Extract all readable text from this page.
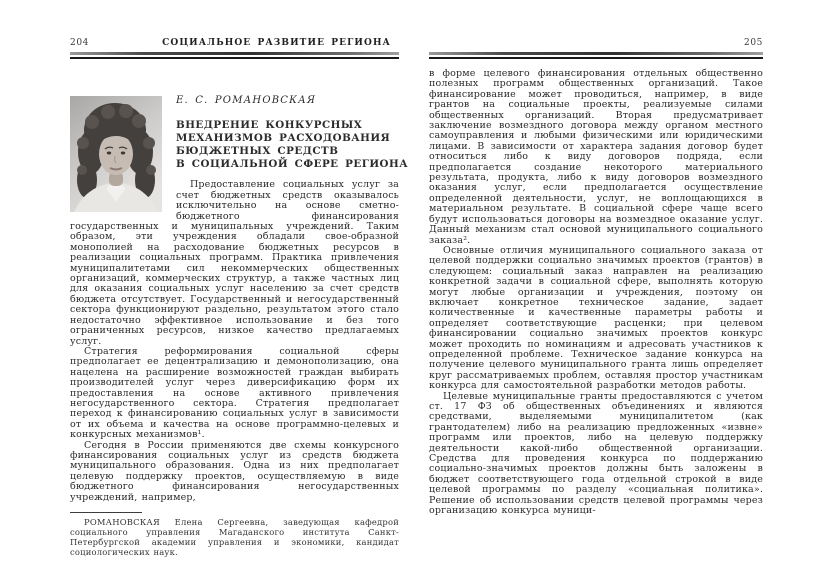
204	СОЦИАЛЬНОЕ РАЗВИТИЕ РЕГИОНА
Е. С. РОМАНОВСКАЯ
ВНЕДРЕНИЕ КОНКУРСНЫХ
МЕХАНИЗМОВ РАСХОДОВАНИЯ
БЮДЖЕТНЫХ СРЕДСТВ
В СОЦИАЛЬНОЙ СФЕРЕ РЕГИОНА

Предоставление социальных услуг за счет бюджетных средств оказывалось исключительно на основе сметно-бюджетного финансирования государственных и муниципальных учреждений. Таким образом, эти учреждения обладали свое-образной монополией на расходование бюджетных ресурсов в реализации социальных программ. Практика привлечения муниципалитетами сил некоммерческих общественных организаций, коммерческих структур, а также частных лиц для оказания социальных услуг населению за счет средств бюджета отсутствует. Государственный и негосударственный сектора функционируют раздельно, результатом этого стало недостаточно эффективное использование и без того ограниченных ресурсов, низкое качество предлагаемых услуг.

Стратегия реформирования социальной сферы предполагает ее децентрализацию и демонополизацию, она нацелена на расширение возможностей граждан выбирать производителей услуг через диверсификацию форм их предоставления на основе активного привлечения негосударственного сектора. Стратегия предполагает переход к финансированию социальных услуг в зависимости от их объема и качества на основе программно-целевых и конкурсных механизмов¹.

Сегодня в России применяются две схемы конкурсного финансирования социальных услуг из средств бюджета муниципального образования. Одна из них предполагает целевую поддержку проектов, осуществляемую в виде бюджетного финансирования негосударственных учреждений, например,

РОМАНОВСКАЯ Елена Сергеевна, заведующая кафедрой социального управления Магаданского института Санкт-Петербургской академии управления и экономики, кандидат социологических наук.

205

в форме целевого финансирования отдельных общественно полезных программ общественных организаций. Такое финансирование может проводиться, например, в виде грантов на социальные проекты, реализуемые силами общественных организаций. Вторая предусматривает заключение возмездного договора между органом местного самоуправления и любыми физическими или юридическими лицами. В зависимости от характера задания договор будет относиться либо к виду договоров подряда, если предполагается создание некоторого материального результата, продукта, либо к виду договоров возмездного оказания услуг, если предполагается осуществление определенной деятельности, услуг, не воплощающихся в материальном результате. В социальной сфере чаще всего будут использоваться договоры на возмездное оказание услуг. Данный механизм стал основой муниципального социального заказа².

Основные отличия муниципального социального заказа от целевой поддержки социально значимых проектов (грантов) в следующем: социальный заказ направлен на реализацию конкретной задачи в социальной сфере, выполнять которую могут любые организации и учреждения, поэтому он включает конкретное техническое задание, задает количественные и качественные параметры работы и определяет соответствующие расценки; при целевом финансировании социально значимых проектов конкурс может проходить по номинациям и адресовать участников к определенной проблеме. Техническое задание конкурса на получение целевого муниципального гранта лишь определяет круг рассматриваемых проблем, оставляя простор участникам конкурса для самостоятельной разработки методов работы.

Целевые муниципальные гранты предоставляются с учетом ст. 17 ФЗ об общественных объединениях и являются средствами, выделяемыми муниципалитетом (как грантодателем) либо на реализацию предложенных «извне» программ или проектов, либо на целевую поддержку деятельности какой-либо общественной организации. Средства для проведения конкурса по поддержанию социально-значимых проектов должны быть заложены в бюджет соответствующего года отдельной строкой в виде целевой программы по разделу «социальная политика». Решение об использовании средств целевой программы через организацию конкурса муници-
